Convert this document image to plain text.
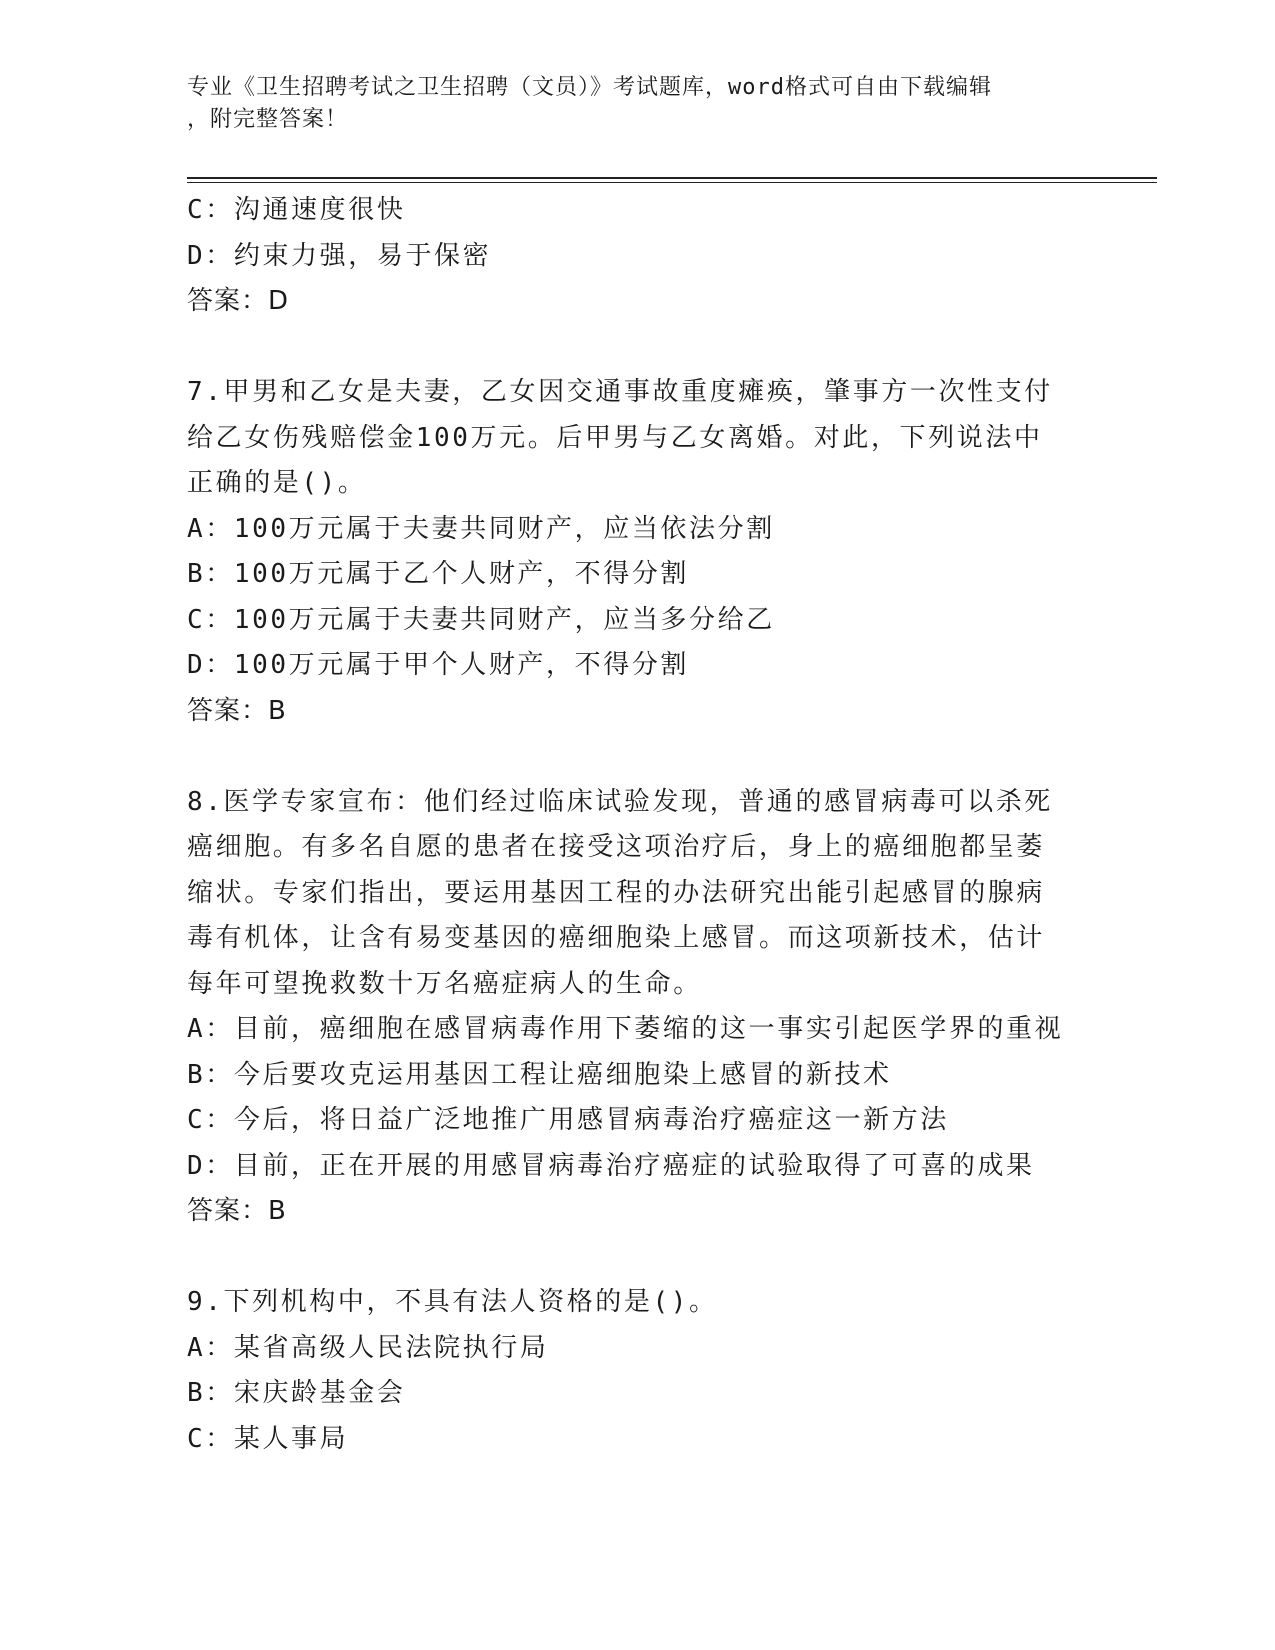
专业《卫生招聘考试之卫生招聘（文员）》考试题库，word格式可自由下载编辑
，附完整答案！
C：沟通速度很快
D：约束力强，易于保密
答案：D
7.甲男和乙女是夫妻，乙女因交通事故重度瘫痪，肇事方一次性支付
给乙女伤残赔偿金100万元。后甲男与乙女离婚。对此，下列说法中
正确的是()。
A：100万元属于夫妻共同财产，应当依法分割
B：100万元属于乙个人财产，不得分割
C：100万元属于夫妻共同财产，应当多分给乙
D：100万元属于甲个人财产，不得分割
答案：B
8.医学专家宣布：他们经过临床试验发现，普通的感冒病毒可以杀死
癌细胞。有多名自愿的患者在接受这项治疗后，身上的癌细胞都呈萎
缩状。专家们指出，要运用基因工程的办法研究出能引起感冒的腺病
毒有机体，让含有易变基因的癌细胞染上感冒。而这项新技术，估计
每年可望挽救数十万名癌症病人的生命。
A：目前，癌细胞在感冒病毒作用下萎缩的这一事实引起医学界的重视
B：今后要攻克运用基因工程让癌细胞染上感冒的新技术
C：今后，将日益广泛地推广用感冒病毒治疗癌症这一新方法
D：目前，正在开展的用感冒病毒治疗癌症的试验取得了可喜的成果
答案：B
9.下列机构中，不具有法人资格的是()。
A：某省高级人民法院执行局
B：宋庆龄基金会
C：某人事局
